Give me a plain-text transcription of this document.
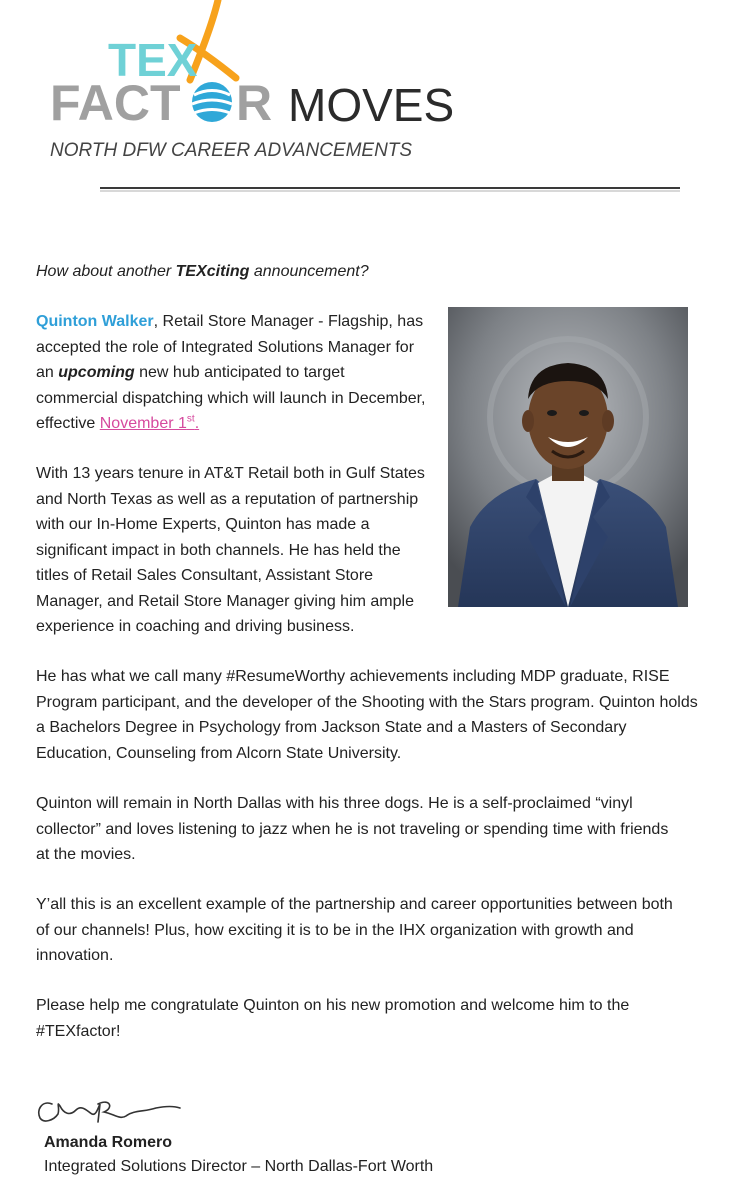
TEX
FACT R MOVES
NORTH DFW CAREER ADVANCEMENTS

How about another TEXciting announcement?

Quinton Walker, Retail Store Manager - Flagship, has accepted the role of Integrated Solutions Manager for an upcoming new hub anticipated to target commercial dispatching which will launch in December, effective November 1st.

With 13 years tenure in AT&T Retail both in Gulf States and North Texas as well as a reputation of partnership with our In-Home Experts, Quinton has made a significant impact in both channels. He has held the titles of Retail Sales Consultant, Assistant Store Manager, and Retail Store Manager giving him ample experience in coaching and driving business.

He has what we call many #ResumeWorthy achievements including MDP graduate, RISE Program participant, and the developer of the Shooting with the Stars program. Quinton holds a Bachelors Degree in Psychology from Jackson State and a Masters of Secondary Education, Counseling from Alcorn State University.

Quinton will remain in North Dallas with his three dogs. He is a self-proclaimed “vinyl collector” and loves listening to jazz when he is not traveling or spending time with friends at the movies.

Y’all this is an excellent example of the partnership and career opportunities between both of our channels! Plus, how exciting it is to be in the IHX organization with growth and innovation.

Please help me congratulate Quinton on his new promotion and welcome him to the #TEXfactor!

Amanda Romero
Integrated Solutions Director – North Dallas-Fort Worth
